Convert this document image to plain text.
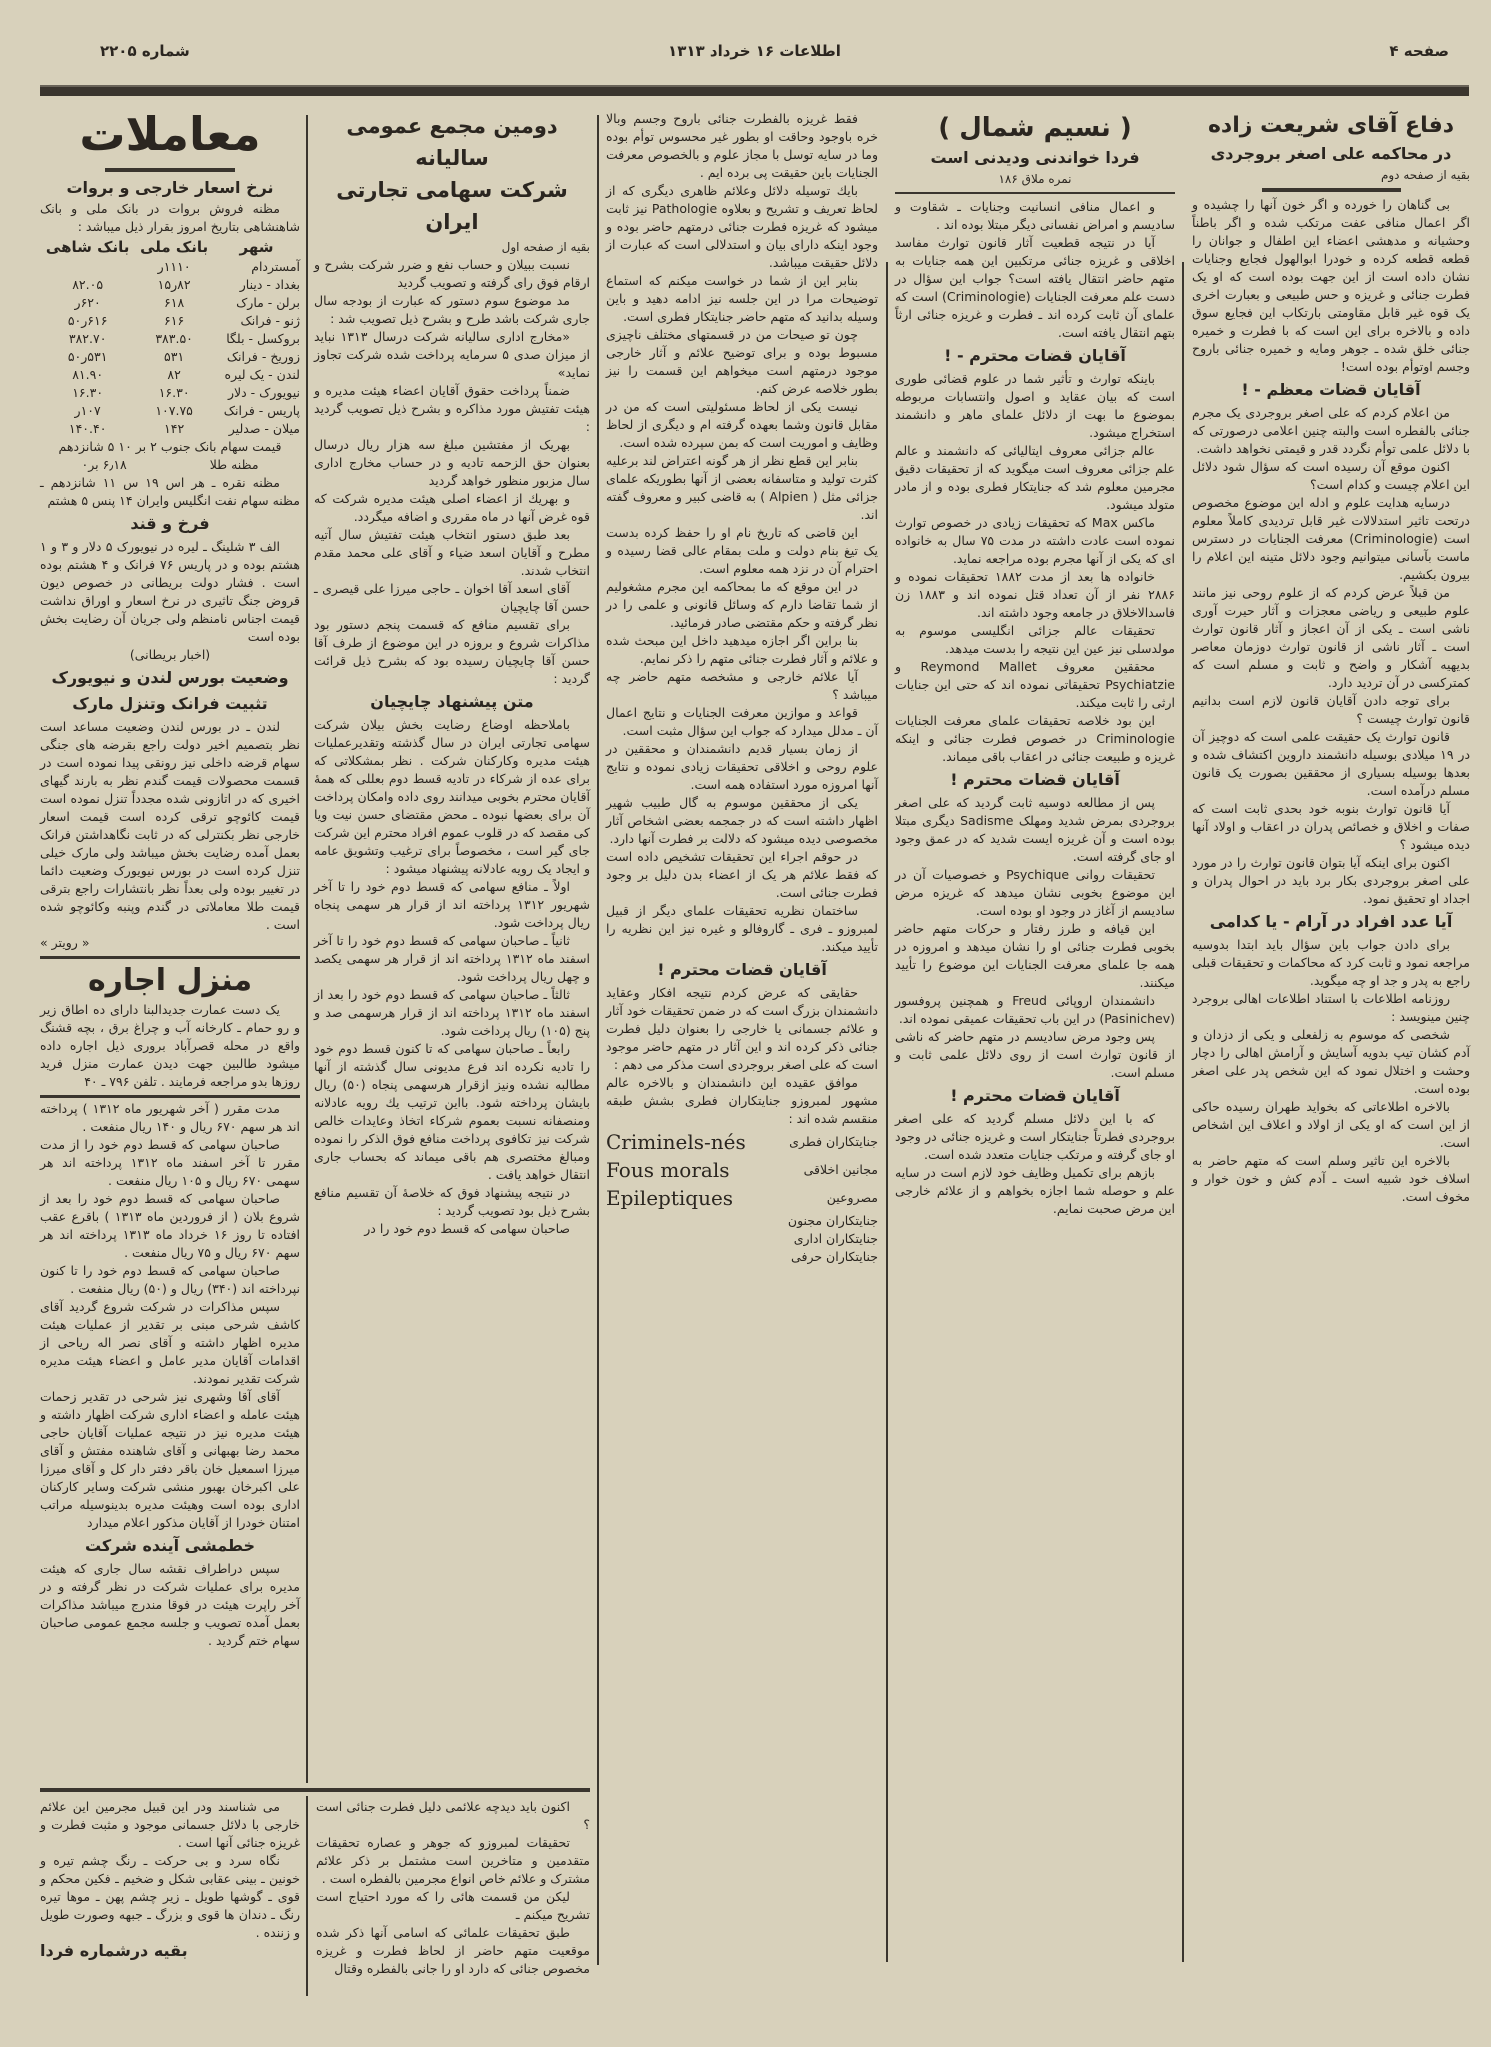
صفحه ۴
اطلاعات ۱۶ خرداد ۱۳۱۳
شماره ۲۲۰۵
دفاع آقای شریعت زاده
در محاکمه علی اصغر بروجردی
بقیه از صفحه دوم

بی گناهان را خورده و اگر خون آنها را چشیده و اگر اعمال منافی عفت مرتکب شده و اگر باطناً وحشیانه و مدهشی اعضاء این اطفال و جوانان را قطعه قطعه کرده و خودرا ابوالهول فجایع وجنایات نشان داده است از این جهت بوده است که او یک فطرت جنائی و غریزه و حس طبیعی و بعبارت اخری یک قوه غیر قابل مقاومتی بارتکاب این فجایع سوق داده و بالاخره برای این است که با فطرت و خمیره جنائی خلق شده ـ جوهر ومایه و خمیره جنائی باروح وجسم اوتوأم بوده است!

آقایان قضات معظم - !

من اعلام کردم که علی اصغر بروجردی یک مجرم جنائی بالفطره است والبته چنین اعلامی درصورتی که با دلائل علمی توأم نگردد قدر و قیمتی نخواهد داشت.

اکنون موقع آن رسیده است که سؤال شود دلائل این اعلام چیست و کدام است؟

درسایه هدایت علوم و ادله این موضوع مخصوص درتحت تاثیر استدلالات غیر قابل تردیدی کاملاً معلوم است (Criminologie) معرفت الجنایات در دسترس ماست بآسانی میتوانیم وجود دلائل متینه این اعلام را بیرون بکشیم.

من قبلاً عرض کردم که از علوم روحی نیز مانند علوم طبیعی و ریاضی معجزات و آثار حیرت آوری ناشی است ـ یکی از آن اعجاز و آثار قانون توارث است ـ آثار ناشی از قانون توارث دوزمان معاصر بدیهیه آشکار و واضح و ثابت و مسلم است که کمترکسی در آن تردید دارد.

برای توجه دادن آقایان قانون لازم است بدانیم قانون توارث چیست ؟

قانون توارث یک حقیقت علمی است که دوچیز آن در ۱۹ میلادی بوسیله دانشمند داروین اکتشاف شده و بعدها بوسیله بسیاری از محققین بصورت یک قانون مسلم درآمده است.

آیا قانون توارث بنوبه خود بحدی ثابت است که صفات و اخلاق و خصائص پدران در اعقاب و اولاد آنها دیده میشود ؟

اکنون برای اینکه آیا بتوان قانون توارث را در مورد علی اصغر بروجردی بکار برد باید در احوال پدران و اجداد او تحقیق نمود.

آیا عدد افراد در آرام - یا کدامی

برای دادن جواب باین سؤال باید ابتدا بدوسیه مراجعه نمود و ثابت کرد که محاکمات و تحقیقات قبلی راجع به پدر و جد او چه میگوید.

روزنامه اطلاعات با استناد اطلاعات اهالی بروجرد چنین مینویسد :

شخصی که موسوم به زلفعلی و یکی از دزدان و آدم کشان تیپ بدویه آسایش و آرامش اهالی را دچار وحشت و اختلال نمود که این شخص پدر علی اصغر بوده است.

بالاخره اطلاعاتی که بخواید طهران رسیده حاکی از این است که او یکی از اولاد و اعلاف این اشخاص است.

بالاخره این تاثیر وسلم است که متهم حاضر به اسلاف خود شبیه است ـ آدم کش و خون خوار و مخوف است.

( نسیم شمال )
فردا خواندنی ودیدنی است
نمره ملاق ۱۸۶

و اعمال منافی انسانیت وجنایات ـ شقاوت و سادیسم و امراض نفسانی دیگر مبتلا بوده اند .

آیا در نتیجه قطعیت آثار قانون توارث مفاسد اخلاقی و غریزه جنائی مرتکبین این همه جنایات به متهم حاضر انتقال یافته است؟ جواب این سؤال در دست علم معرفت الجنایات (Criminologie) است که علمای آن ثابت کرده اند ـ فطرت و غریزه جنائی ارثاً بتهم انتقال یافته است.

آقایان قضات محترم - !

باینکه توارث و تأثیر شما در علوم قضائی طوری است که بیان عقاید و اصول وانتسابات مربوطه بموضوع ما بهت از دلائل علمای ماهر و دانشمند استخراج میشود.

عالم جزائی معروف ایتالیائی که دانشمند و عالم علم جزائی معروف است میگوید که از تحقیقات دقیق مجرمین معلوم شد که جنایتکار فطری بوده و از مادر متولد میشود.

ماکس Max که تحقیقات زیادی در خصوص توارث نموده است عادت داشته در مدت ۷۵ سال به خانواده ای که یکی از آنها مجرم بوده مراجعه نماید.

خانواده ها بعد از مدت ۱۸۸۲ تحقیقات نموده و ۲۸۸۶ نفر از آن تعداد قتل نموده اند و ۱۸۸۳ زن فاسدالاخلاق در جامعه وجود داشته اند.

تحقیقات عالم جزائی انگلیسی موسوم به مولدسلی نیز عین این نتیجه را بدست میدهد.

محققین معروف Reymond Mallet و Psychiatzie تحقیقاتی نموده اند که حتی این جنایات ارثی را ثابت میکند.

این بود خلاصه تحقیقات علمای معرفت الجنایات Criminologie در خصوص فطرت جنائی و اینکه غریزه و طبیعت جنائی در اعقاب باقی میماند.

آقایان قضات محترم !

پس از مطالعه دوسیه ثابت گردید که علی اصغر بروجردی بمرض شدید ومهلک Sadisme دیگری مبتلا بوده است و آن غریزه ایست شدید که در عمق وجود او جای گرفته است.

تحقیقات روانی Psychique و خصوصیات آن در این موضوع بخوبی نشان میدهد که غریزه مرض سادیسم از آغاز در وجود او بوده است.

این قیافه و طرز رفتار و حرکات متهم حاضر بخوبی فطرت جنائی او را نشان میدهد و امروزه در همه جا علمای معرفت الجنایات این موضوع را تأیید میکنند.

دانشمندان اروپائی Freud و همچنین پروفسور (Pasinichev) در این باب تحقیقات عمیقی نموده اند.

پس وجود مرض سادیسم در متهم حاضر که ناشی از قانون توارث است از روی دلائل علمی ثابت و مسلم است.

آقایان قضات محترم !

که با این دلائل مسلم گردید که علی اصغر بروجردی فطرتاً جنایتکار است و غریزه جنائی در وجود او جای گرفته و مرتکب جنایات متعدد شده است.

بازهم برای تکمیل وظایف خود لازم است در سایه علم و حوصله شما اجازه بخواهم و از علائم خارجی این مرض صحبت نمایم.

فقط غریزه بالفطرت جنائی باروح وجسم وبالا خره باوجود وحاقت او بطور غیر محسوس توأم بوده وما در سایه توسل با مجاز علوم و بالخصوص معرفت الجنایات باین حقیقت پی برده ایم .

بایك توسیله دلائل وعلائم ظاهری دیگری که از لحاظ تعریف و تشریح و بعلاوه Pathologie نیز ثابت میشود که غریزه فطرت جنائی درمتهم حاضر بوده و وجود اینکه دارای بیان و استدلالی است که عبارت از دلائل حقیقت میباشد.

بنابر این از شما در خواست میکنم که استماع توضیحات مرا در این جلسه نیز ادامه دهید و باین وسیله بدانید که متهم حاضر جنایتکار فطری است.

چون تو صیحات من در قسمتهای مختلف ناچیزی مسبوط بوده و برای توضیح علائم و آثار خارجی موجود درمتهم است میخواهم این قسمت را نیز بطور خلاصه عرض کنم.

نیست یکی از لحاظ مسئولیتی است که من در مقابل قانون وشما بعهده گرفته ام و دیگری از لحاظ وظایف و اموریت است که بمن سپرده شده است.

بنابر این قطع نظر از هر گونه اعتراض لند برعلیه کثرت تولید و متاسفانه بعضی از آنها بطوریکه علمای جزائی مثل ( Alpien ) به قاضی کبیر و معروف گفته اند.

این قاضی که تاریخ نام او را حفظ کرده بدست یک تیغ بنام دولت و ملت بمقام عالی قضا رسیده و احترام آن در نزد همه معلوم است.

در این موقع که ما بمحاکمه این مجرم مشغولیم از شما تقاضا دارم که وسائل قانونی و علمی را در نظر گرفته و حکم مقتضی صادر فرمائید.

بنا براین اگر اجازه میدهید داخل این مبحث شده و علائم و آثار فطرت جنائی متهم را ذکر نمایم.

آیا علائم خارجی و مشخصه متهم حاضر چه میباشد ؟

قواعد و موازین معرفت الجنایات و نتایج اعمال آن ـ مدلل میدارد که جواب این سؤال مثبت است.

از زمان بسیار قدیم دانشمندان و محققین در علوم روحی و اخلاقی تحقیقات زیادی نموده و نتایج آنها امروزه مورد استفاده همه است.

یکی از محققین موسوم به گال طبیب شهیر اظهار داشته است که در جمجمه بعضی اشخاص آثار مخصوصی دیده میشود که دلالت بر فطرت آنها دارد.

در حوقم اجراء این تحقیقات تشخیص داده است که فقط علائم هر یک از اعضاء بدن دلیل بر وجود فطرت جنائی است.

ساختمان نظریه تحقیقات علمای دیگر از قبیل لمبروزو ـ فری ـ گاروفالو و غیره نیز این نظریه را تأیید میکند.

آقایان قضات محترم !

حقایقی که عرض کردم نتیجه افکار وعقاید دانشمندان بزرگ است که در ضمن تحقیقات خود آثار و علائم جسمانی یا خارجی را بعنوان دلیل فطرت جنائی ذکر کرده اند و این آثار در متهم حاضر موجود است که علی اصغر بروجردی است مذکر می دهم :

موافق عقیده این دانشمندان و بالاخره عالم مشهور لمبروزو جنایتکاران فطری بشش طبقه منقسم شده اند :

جنایتکاران فطری
Criminels-nés
مجانین اخلاقی
Fous morals
مصروعین
Epileptiques
جنایتکاران مجنون
جنایتکاران اداری
جنایتکاران حرفی
دومین مجمع عمومی سالیانه
شرکت سهامی تجارتی ایران
بقیه از صفحه اول

نسبت ببیلان و حساب نفع و ضرر شرکت بشرح و ارقام فوق رای گرفته و تصویب گردید

مد موضوع سوم دستور که عبارت از بودجه سال جاری شرکت باشد طرح و بشرح ذیل تصویب شد :

«مخارج اداری سالیانه شرکت درسال ۱۳۱۳ نباید از میزان صدی ۵ سرمایه پرداخت شده شرکت تجاوز نماید»

ضمناً پرداخت حقوق آقایان اعضاء هیئت مدیره و هیئت تفتیش مورد مذاکره و بشرح ذیل تصویب گردید :

بهریک از مفتشین مبلغ سه هزار ریال درسال بعنوان حق الزحمه تادیه و در حساب مخارج اداری سال مزبور منظور خواهد گردید

و بهریك از اعضاء اصلی هیئت مدیره شرکت که قوه غرض آنها در ماه مقرری و اضافه میگردد.

بعد طبق دستور انتخاب هیئت تفتیش سال آتیه مطرح و آقایان اسعد ضیاء و آقای علی محمد مقدم انتخاب شدند.

آقای اسعد آقا اخوان ـ حاجی میرزا علی قیصری ـ حسن آقا چایچیان

برای تقسیم منافع که قسمت پنجم دستور بود مذاکرات شروع و بروزه در این موضوع از طرف آقا حسن آقا چایچیان رسیده بود که بشرح ذیل قرائت گردید :

متن پیشنهاد چایچیان

باملاحظه اوضاع رضایت بخش بیلان شرکت سهامی تجارتی ایران در سال گذشته وتقدیرعملیات هیئت مدیره وکارکنان شرکت . نظر بمشکلاتی که برای عده از شرکاء در تادیه قسط دوم بعللی که همهٔ آقایان محترم بخوبی میدانند روی داده وامکان پرداخت آن برای بعضها نبوده ـ محض مقتضای حسن نیت ویا کی مقصد که در قلوب عموم افراد محترم این شرکت جای گیر است ، مخصوصاً برای ترغیب وتشویق عامه و ایجاد یک رویه عادلانه پیشنهاد میشود :

اولاً ـ منافع سهامی که قسط دوم خود را تا آخر شهریور ۱۳۱۲ پرداخته اند از قرار هر سهمی پنجاه ریال پرداخت شود.

ثانیاً ـ صاحبان سهامی که قسط دوم خود را تا آخر اسفند ماه ۱۳۱۲ پرداخته اند از قرار هر سهمی یکصد و چهل ریال پرداخت شود.

ثالثاً ـ صاحبان سهامی که قسط دوم خود را بعد از اسفند ماه ۱۳۱۲ پرداخته اند از قرار هرسهمی صد و پنج (۱۰۵) ریال پرداخت شود.

رابعاً ـ صاحبان سهامی که تا کنون قسط دوم خود را تادیه نکرده اند فرع مدیونی سال گذشته از آنها مطالبه نشده ونیز ازقرار هرسهمی پنجاه (۵۰) ریال بایشان پرداخته شود. بااین ترتیب یك رویه عادلانه ومنصفانه نسبت بعموم شرکاء اتخاذ وعایدات خالص شرکت نیز تکافوی پرداخت منافع فوق الذکر را نموده ومبالغ مختصری هم باقی میماند که بحساب جاری انتقال خواهد یافت .

در نتیجه پیشنهاد فوق که خلاصهٔ آن تقسیم منافع بشرح ذیل بود تصویب گردید :

صاحبان سهامی که قسط دوم خود را در

معاملات
نرخ اسعار خارجی و بروات

مظنه فروش بروات در بانک ملی و بانک شاهنشاهی بتاریخ امروز بقرار ذیل میباشد :

شهر	بانک ملی	بانک شاهی
آمستردام	۱۱۱۰ر	
بغداد - دینار	۸۲ر۱۵	۸۲.۰۵
برلن - مارک	۶۱۸	۶۲۰ر
ژنو - فرانک	۶۱۶	۶۱۶ر۵۰
بروکسل - بلگا	۳۸۳.۵۰	۳۸۲.۷۰
زوریخ - فرانک	۵۳۱	۵۳۱ر۵۰
لندن - یک لیره	۸۲	۸۱.۹۰
نیویورک - دلار	۱۶.۳۰	۱۶.۳۰
پاریس - فرانک	۱۰۷.۷۵	۱۰۷ر
میلان - صدلیر	۱۴۲	۱۴۰.۴۰
قیمت سهام بانک جنوب ۲ بر ۱۰ ۵ شانزدهم
مظنه طلا
۶٫۱۸ بر۰

مظنه نقره ـ هر اس ۱۹ س ۱۱ شانزدهم ـ مظنه سهام نفت انگلیس وایران ۱۴ پنس ۵ هشتم

فرخ و قند

الف ۳ شلینگ ـ لیره در نیویورک ۵ دلار و ۳ و ۱ هشتم بوده و در پاریس ۷۶ فرانک و ۴ هشتم بوده است . فشار دولت بریطانی در خصوص دیون قروض جنگ تاثیری در نرخ اسعار و اوراق نداشت قیمت اجناس نامنظم ولی جریان آن رضایت بخش بوده است

(اخبار بریطانی)
وضعیت بورس لندن و نیویورک
تثبیت فرانک وتنزل مارک

لندن ـ در بورس لندن وضعیت مساعد است نظر بتصمیم اخیر دولت راجع بقرضه های جنگی سهام قرضه داخلی نیز رونقی پیدا نموده است در قسمت محصولات قیمت گندم نظر به بارند گیهای اخیری که در اتازونی شده مجدداً تنزل نموده است قیمت کائوچو ترقی کرده است قیمت اسعار خارجی نظر بکنترلی که در ثابت نگاهداشتن فرانک بعمل آمده رضایت بخش میباشد ولی مارک خیلی تنزل کرده است در بورس نیویورک وضعیت دائما در تغییر بوده ولی بعداً نظر بانتشارات راجع بترقی قیمت طلا معاملاتی در گندم وپنبه وکائوچو شده است .

« رویتر »
منزل اجاره

یک دست عمارت جدیدالبنا دارای ده اطاق زیر و رو حمام ـ کارخانه آب و چراغ برق ، بچه قشنگ واقع در محله قصرآباد بروری ذیل اجاره داده میشود طالبین جهت دیدن عمارت منزل فرید روزها بدو مراجعه فرمایند . تلفن ۷۹۶ ـ ۴۰

مدت مقرر ( آخر شهریور ماه ۱۳۱۲ ) پرداخته اند هر سهم ۶۷۰ ریال و ۱۴۰ ریال منفعت .

صاحبان سهامی که قسط دوم خود را از مدت مقرر تا آخر اسفند ماه ۱۳۱۲ پرداخته اند هر سهمی ۶۷۰ ریال و ۱۰۵ ریال منفعت .

صاحبان سهامی که قسط دوم خود را بعد از شروع بلان ( از فروردین ماه ۱۳۱۳ ) باقرع عقب افتاده تا روز ۱۶ خرداد ماه ۱۳۱۳ پرداخته اند هر سهم ۶۷۰ ریال و ۷۵ ریال منفعت .

صاحبان سهامی که قسط دوم خود را تا کنون نپرداخته اند (۳۴۰) ریال و (۵۰) ریال منفعت .

سپس مذاکرات در شرکت شروع گردید آقای کاشف شرحی مبنی بر تقدیر از عملیات هیئت مدیره اظهار داشته و آقای نصر اله ریاحی از اقدامات آقایان مدیر عامل و اعضاء هیئت مدیره شرکت تقدیر نمودند.

آقای آقا وشهری نیز شرحی در تقدیر زحمات هیئت عامله و اعضاء اداری شرکت اظهار داشته و هیئت مدیره نیز در نتیجه عملیات آقایان حاجی محمد رضا بهبهانی و آقای شاهنده مفتش و آقای میرزا اسمعیل خان باقر دفتر دار کل و آقای میرزا علی اکبرخان بهبور منشی شرکت وسایر کارکنان اداری بوده است وهیئت مدیره بدینوسیله مراتب امتنان خودرا از آقایان مذکور اعلام میدارد

خطمشی آینده شرکت

سپس دراطراف نقشه سال جاری که هیئت مدیره برای عملیات شرکت در نظر گرفته و در آخر راپرت هیئت در فوقا مندرج میباشد مذاکرات بعمل آمده تصویب و جلسه مجمع عمومی صاحبان سهام ختم گردید .

اکنون باید دیدچه علائمی دلیل فطرت جنائی است ؟

تحقیقات لمبروزو که جوهر و عصاره تحقیقات متقدمین و متاخرین است مشتمل بر ذکر علائم مشترک و علائم خاص انواع مجرمین بالفطره است .

لیکن من قسمت هائی را که مورد احتیاج است تشریح میکنم ـ

طبق تحقیقات علمائی که اسامی آنها ذکر شده موقعیت متهم حاضر از لحاظ فطرت و غریزه مخصوص جنائی که دارد او را جانی بالفطره وقتال

می شناسند ودر این قبیل مجرمین این علائم خارجی با دلائل جسمانی موجود و مثبت فطرت و غریزه جنائی آنها است .

نگاه سرد و بی حرکت ـ رنگ چشم تیره و خونین ـ بینی عقابی شکل و ضخیم ـ فکین محکم و قوی ـ گوشها طویل ـ زیر چشم پهن ـ موها تیره رنگ ـ دندان ها قوی و بزرگ ـ جبهه وصورت طویل و زننده .

بقیه درشماره فردا
